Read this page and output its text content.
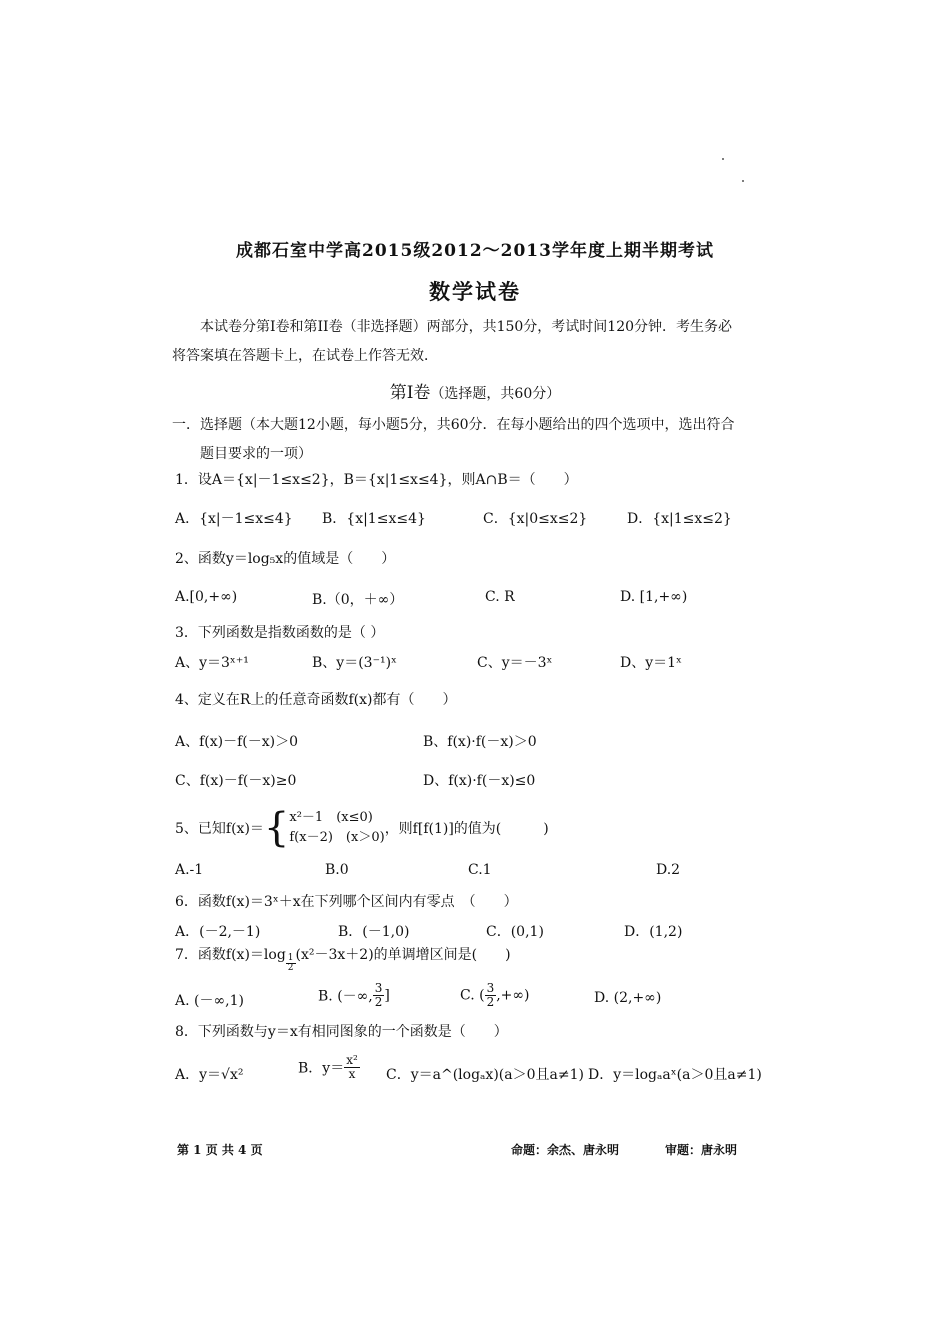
成都石室中学高2015级2012～2013学年度上期半期考试
数学试卷
本试卷分第I卷和第II卷（非选择题）两部分，共150分，考试时间120分钟．考生务必
将答案填在答题卡上，在试卷上作答无效．
第Ⅰ卷（选择题，共60分）
一．选择题（本大题12小题，每小题5分，共60分．在每小题给出的四个选项中，选出符合
题目要求的一项）
1．设A＝{x|－1≤x≤2}，B＝{x|1≤x≤4}，则A∩B＝（　　）
A．{x|－1≤x≤4} B．{x|1≤x≤4}	C．{x|0≤x≤2}	D．{x|1≤x≤2}
2、函数y＝log₅x的值域是（　　）
A.[0,+∞)	B.（0，＋∞）	C. R	D. [1,+∞)
3．下列函数是指数函数的是（ ）
A、y＝3ˣ⁺¹	B、y＝(3⁻¹)ˣ	C、y＝－3ˣ	D、y＝1ˣ
4、定义在R上的任意奇函数f(x)都有（　　）
A、f(x)－f(－x)＞0	B、f(x)·f(－x)＞0
C、f(x)－f(－x)≥0	D、f(x)·f(－x)≤0
5、已知f(x)＝{ x²－1　(x≤0)
f(x－2)　(x＞0)
，则f[f(1)]的值为(　　　)
A.-1	B.0	C.1	D.2
6．函数f(x)＝3ˣ＋x在下列哪个区间内有零点　（　　）
A．(－2,－1)	B．(－1,0)	C．(0,1)	D．(1,2)
7．函数$f(x)=\log \frac{1}{2} (x^2-3x+2)$的单调增区间是(　　)
A. (－∞,1)	B. (－∞, $\frac{3}{2}$ ]	C. ( $\frac{3}{2}$ ,+∞)	D. (2,+∞)
8．下列函数与y＝x有相同图象的一个函数是（　　）
A．y＝√x²	B．$y= \frac{\text{x²}}{x}$ C．y＝a^(logₐx)(a＞0且a≠1) D．y＝logₐaˣ(a＞0且a≠1)
第 1 页 共 4 页	命题：余杰、唐永明	审题：唐永明
